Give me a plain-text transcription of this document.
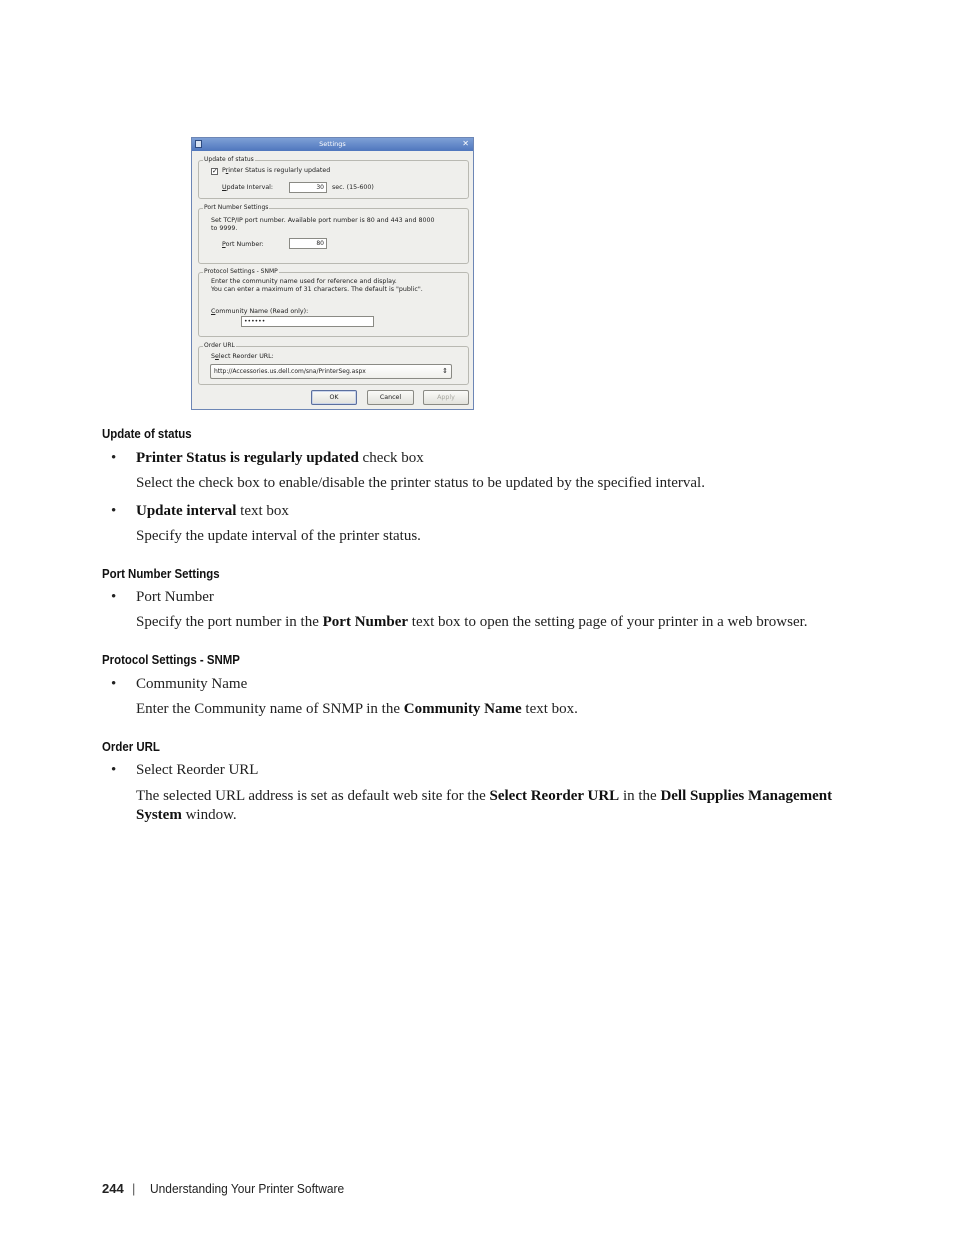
Settings	✕
Update of status
✓ Printer Status is regularly updated
Update Interval:	30	sec. (15-600)
Port Number Settings
Set TCP/IP port number. Available port number is 80 and 443 and 8000
to 9999.
Port Number:	80
Protocol Settings - SNMP
Enter the community name used for reference and display.
You can enter a maximum of 31 characters. The default is "public".
Community Name (Read only):
••••••
Order URL
Select Reorder URL:
http://Accessories.us.dell.com/sna/PrinterSeg.aspx	⇕
OK	Cancel	Apply
Update of status
• Printer Status is regularly updated check box
Select the check box to enable/disable the printer status to be updated by the specified interval.
• Update interval text box
Specify the update interval of the printer status.
Port Number Settings
• Port Number
Specify the port number in the Port Number text box to open the setting page of your printer in a web browser.
Protocol Settings - SNMP
• Community Name
Enter the Community name of SNMP in the Community Name text box.
Order URL
• Select Reorder URL
The selected URL address is set as default web site for the Select Reorder URL in the Dell Supplies Management System window.
244 | Understanding Your Printer Software
